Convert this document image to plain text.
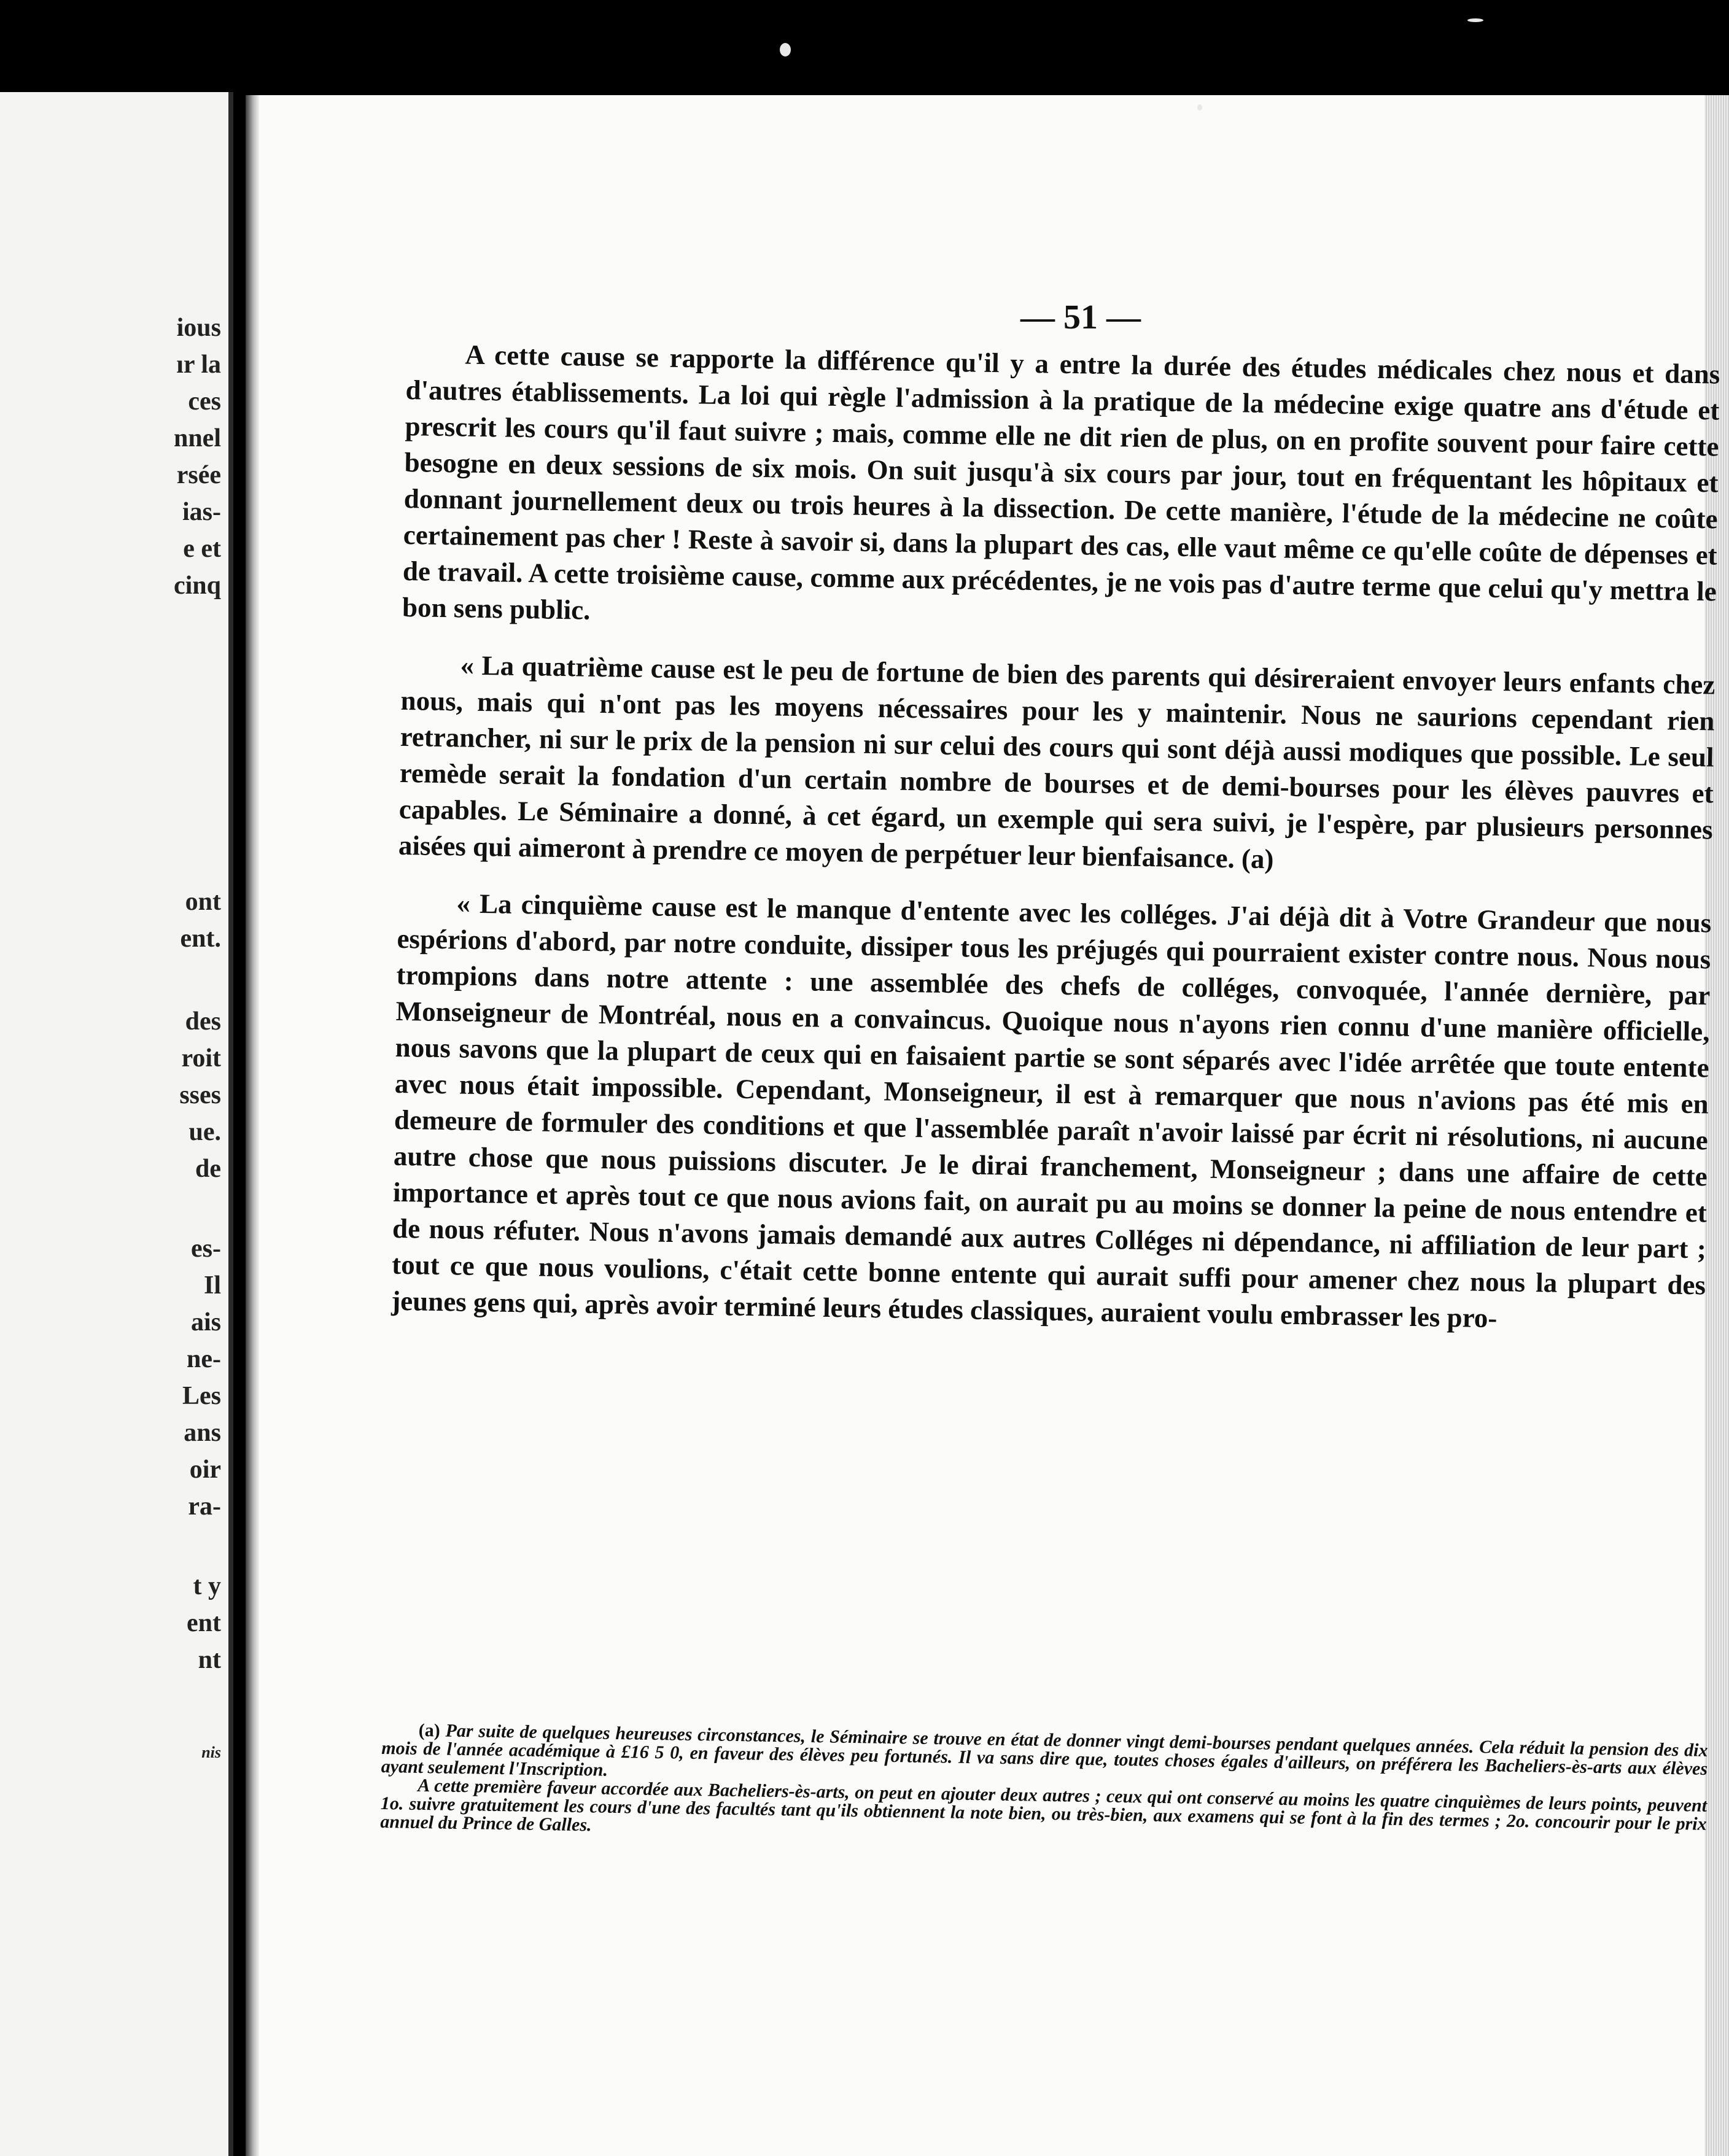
ious

ır la

ces

nnel

rsée

ias-

e et

cinq

ont

ent.

des

roit

sses

ue.

de

es-

Il

ais

ne-

Les

ans

oir

ra-

t y

ent

nt

nis

— 51 —

A cette cause se rapporte la différence qu'il y a entre la durée des études médicales chez nous et dans d'autres établissements. La loi qui règle l'admission à la pratique de la médecine exige quatre ans d'étude et prescrit les cours qu'il faut suivre ; mais, comme elle ne dit rien de plus, on en profite souvent pour faire cette besogne en deux sessions de six mois. On suit jusqu'à six cours par jour, tout en fréquentant les hôpitaux et donnant journellement deux ou trois heures à la dissection. De cette manière, l'étude de la médecine ne coûte certainement pas cher ! Reste à savoir si, dans la plupart des cas, elle vaut même ce qu'elle coûte de dépenses et de travail. A cette troisième cause, comme aux précédentes, je ne vois pas d'autre terme que celui qu'y mettra le bon sens public.

« La quatrième cause est le peu de fortune de bien des parents qui désireraient envoyer leurs enfants chez nous, mais qui n'ont pas les moyens nécessaires pour les y maintenir. Nous ne saurions cependant rien retrancher, ni sur le prix de la pension ni sur celui des cours qui sont déjà aussi modiques que possible. Le seul remède serait la fondation d'un certain nombre de bourses et de demi-bourses pour les élèves pauvres et capables. Le Séminaire a donné, à cet égard, un exemple qui sera suivi, je l'espère, par plusieurs personnes aisées qui aimeront à prendre ce moyen de perpétuer leur bienfaisance. (a)

« La cinquième cause est le manque d'entente avec les colléges. J'ai déjà dit à Votre Grandeur que nous espérions d'abord, par notre conduite, dissiper tous les préjugés qui pourraient exister contre nous. Nous nous trompions dans notre attente : une assemblée des chefs de colléges, convoquée, l'année dernière, par Monseigneur de Montréal, nous en a convaincus. Quoique nous n'ayons rien connu d'une manière officielle, nous savons que la plupart de ceux qui en faisaient partie se sont séparés avec l'idée arrêtée que toute entente avec nous était impossible. Cependant, Monseigneur, il est à remarquer que nous n'avions pas été mis en demeure de formuler des conditions et que l'assemblée paraît n'avoir laissé par écrit ni résolutions, ni aucune autre chose que nous puissions discuter. Je le dirai franchement, Monseigneur ; dans une affaire de cette importance et après tout ce que nous avions fait, on aurait pu au moins se donner la peine de nous entendre et de nous réfuter. Nous n'avons jamais demandé aux autres Colléges ni dépendance, ni affiliation de leur part ; tout ce que nous voulions, c'était cette bonne entente qui aurait suffi pour amener chez nous la plupart des jeunes gens qui, après avoir terminé leurs études classiques, auraient voulu embrasser les pro-

(a) Par suite de quelques heureuses circonstances, le Séminaire se trouve en état de donner vingt demi-bourses pendant quelques années. Cela réduit la pension des dix mois de l'année académique à £16 5 0, en faveur des élèves peu fortunés. Il va sans dire que, toutes choses égales d'ailleurs, on préférera les Bacheliers-ès-arts aux élèves ayant seulement l'Inscription.

A cette première faveur accordée aux Bacheliers-ès-arts, on peut en ajouter deux autres ; ceux qui ont conservé au moins les quatre cinquièmes de leurs points, peuvent 1o. suivre gratuitement les cours d'une des facultés tant qu'ils obtiennent la note bien, ou très-bien, aux examens qui se font à la fin des termes ; 2o. concourir pour le prix annuel du Prince de Galles.
